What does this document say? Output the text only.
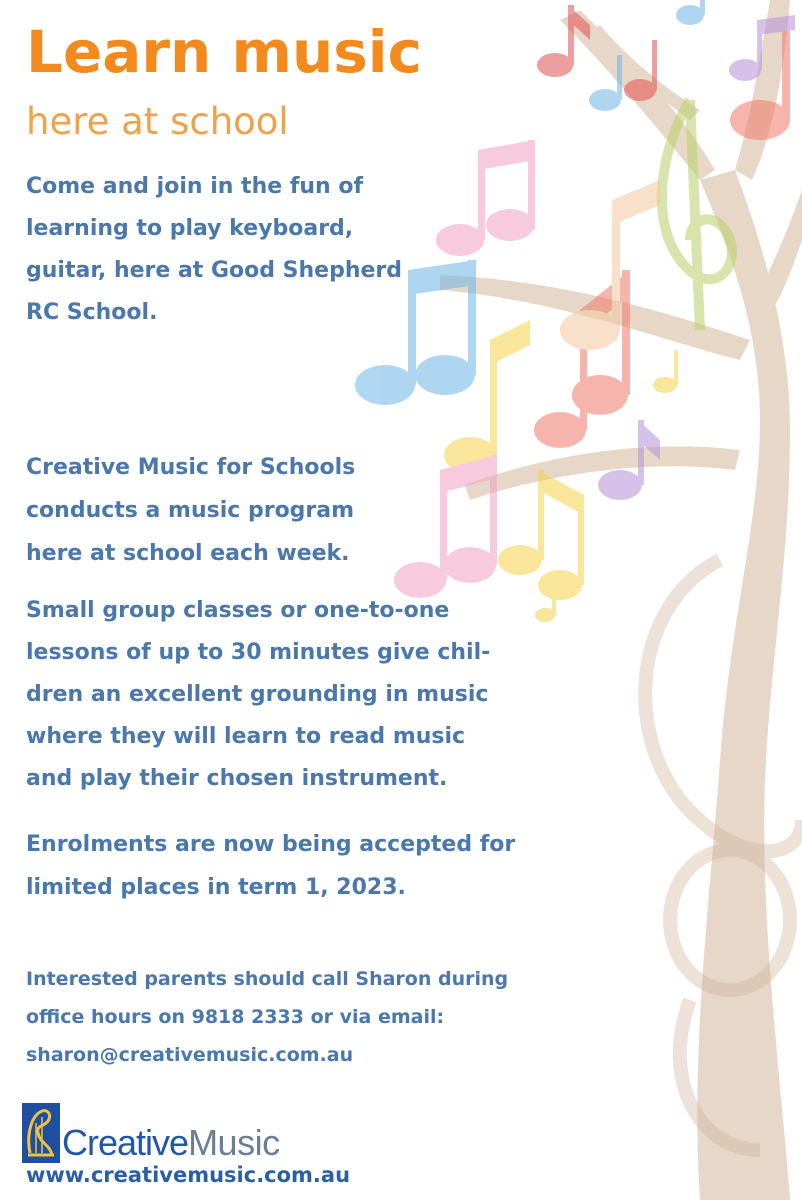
Learn music
here at school
Come and join in the fun of
learning to play keyboard,
guitar, here at Good Shepherd
RC School.
Creative Music for Schools
conducts a music program
here at school each week.
Small group classes or one-to-one
lessons of up to 30 minutes give chil-
dren an excellent grounding in music
where they will learn to read music
and play their chosen instrument.
Enrolments are now being accepted for
limited places in term 1, 2023.
Interested parents should call Sharon during
office hours on 9818 2333 or via email:
sharon@creativemusic.com.au
Creative Music

www.creativemusic.com.au
